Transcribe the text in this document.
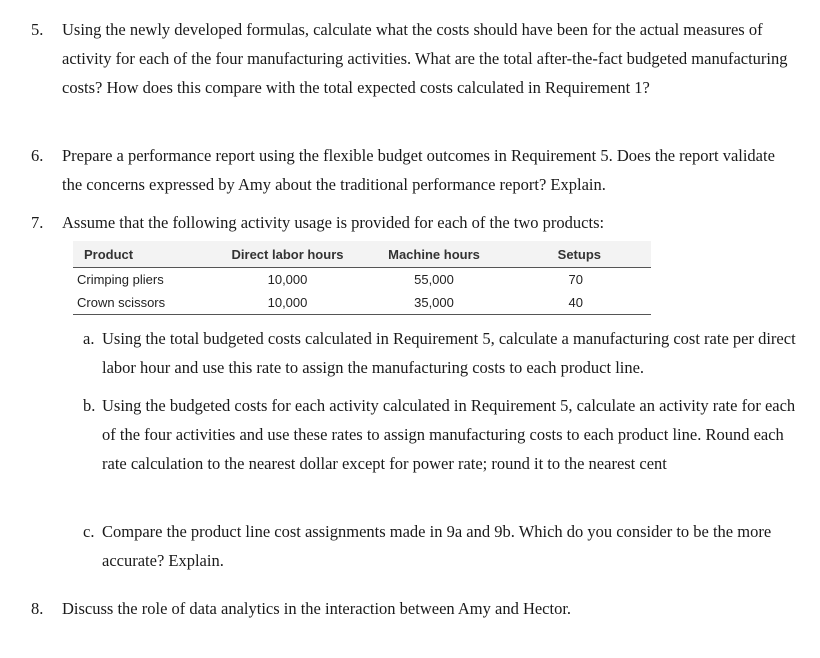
5. Using the newly developed formulas, calculate what the costs should have been for the actual measures of activity for each of the four manufacturing activities. What are the total after-the-fact budgeted manufacturing costs? How does this compare with the total expected costs calculated in Requirement 1?
6. Prepare a performance report using the flexible budget outcomes in Requirement 5. Does the report validate the concerns expressed by Amy about the traditional performance report? Explain.
7. Assume that the following activity usage is provided for each of the two products:
Product	Direct labor hours	Machine hours	Setups
Crimping pliers	10,000	55,000	70
Crown scissors	10,000	35,000	40
a. Using the total budgeted costs calculated in Requirement 5, calculate a manufacturing cost rate per direct labor hour and use this rate to assign the manufacturing costs to each product line.
b. Using the budgeted costs for each activity calculated in Requirement 5, calculate an activity rate for each of the four activities and use these rates to assign manufacturing costs to each product line. Round each rate calculation to the nearest dollar except for power rate; round it to the nearest cent
c. Compare the product line cost assignments made in 9a and 9b. Which do you consider to be the more accurate? Explain.
8. Discuss the role of data analytics in the interaction between Amy and Hector.
